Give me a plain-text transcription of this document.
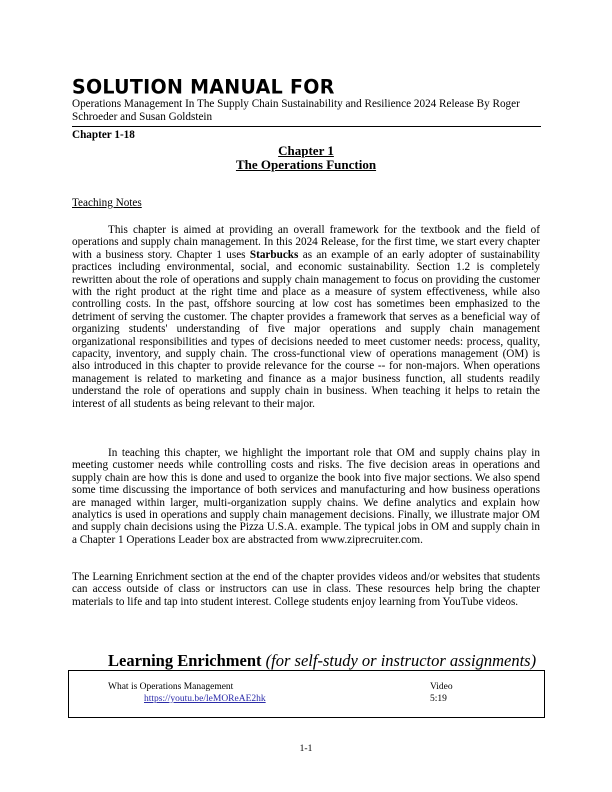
SOLUTION MANUAL FOR
Operations Management In The Supply Chain Sustainability and Resilience 2024 Release By Roger Schroeder and Susan Goldstein
Chapter 1-18
Chapter 1
The Operations Function
Teaching Notes
This chapter is aimed at providing an overall framework for the textbook and the field of operations and supply chain management. In this 2024 Release, for the first time, we start every chapter with a business story. Chapter 1 uses Starbucks as an example of an early adopter of sustainability practices including environmental, social, and economic sustainability. Section 1.2 is completely rewritten about the role of operations and supply chain management to focus on providing the customer with the right product at the right time and place as a measure of system effectiveness, while also controlling costs. In the past, offshore sourcing at low cost has sometimes been emphasized to the detriment of serving the customer. The chapter provides a framework that serves as a beneficial way of organizing students' understanding of five major operations and supply chain management organizational responsibilities and types of decisions needed to meet customer needs: process, quality, capacity, inventory, and supply chain. The cross-functional view of operations management (OM) is also introduced in this chapter to provide relevance for the course -- for non-majors. When operations management is related to marketing and finance as a major business function, all students readily understand the role of operations and supply chain in business. When teaching it helps to retain the interest of all students as being relevant to their major.
In teaching this chapter, we highlight the important role that OM and supply chains play in meeting customer needs while controlling costs and risks. The five decision areas in operations and supply chain are how this is done and used to organize the book into five major sections. We also spend some time discussing the importance of both services and manufacturing and how business operations are managed within larger, multi-organization supply chains. We define analytics and explain how analytics is used in operations and supply chain management decisions. Finally, we illustrate major OM and supply chain decisions using the Pizza U.S.A. example. The typical jobs in OM and supply chain in a Chapter 1 Operations Leader box are abstracted from www.ziprecruiter.com.
The Learning Enrichment section at the end of the chapter provides videos and/or websites that students can access outside of class or instructors can use in class. These resources help bring the chapter materials to life and tap into student interest. College students enjoy learning from YouTube videos.
Learning Enrichment (for self-study or instructor assignments)
What is Operations Management	Video
https://youtu.be/leMOReAE2hk	5:19
1-1
